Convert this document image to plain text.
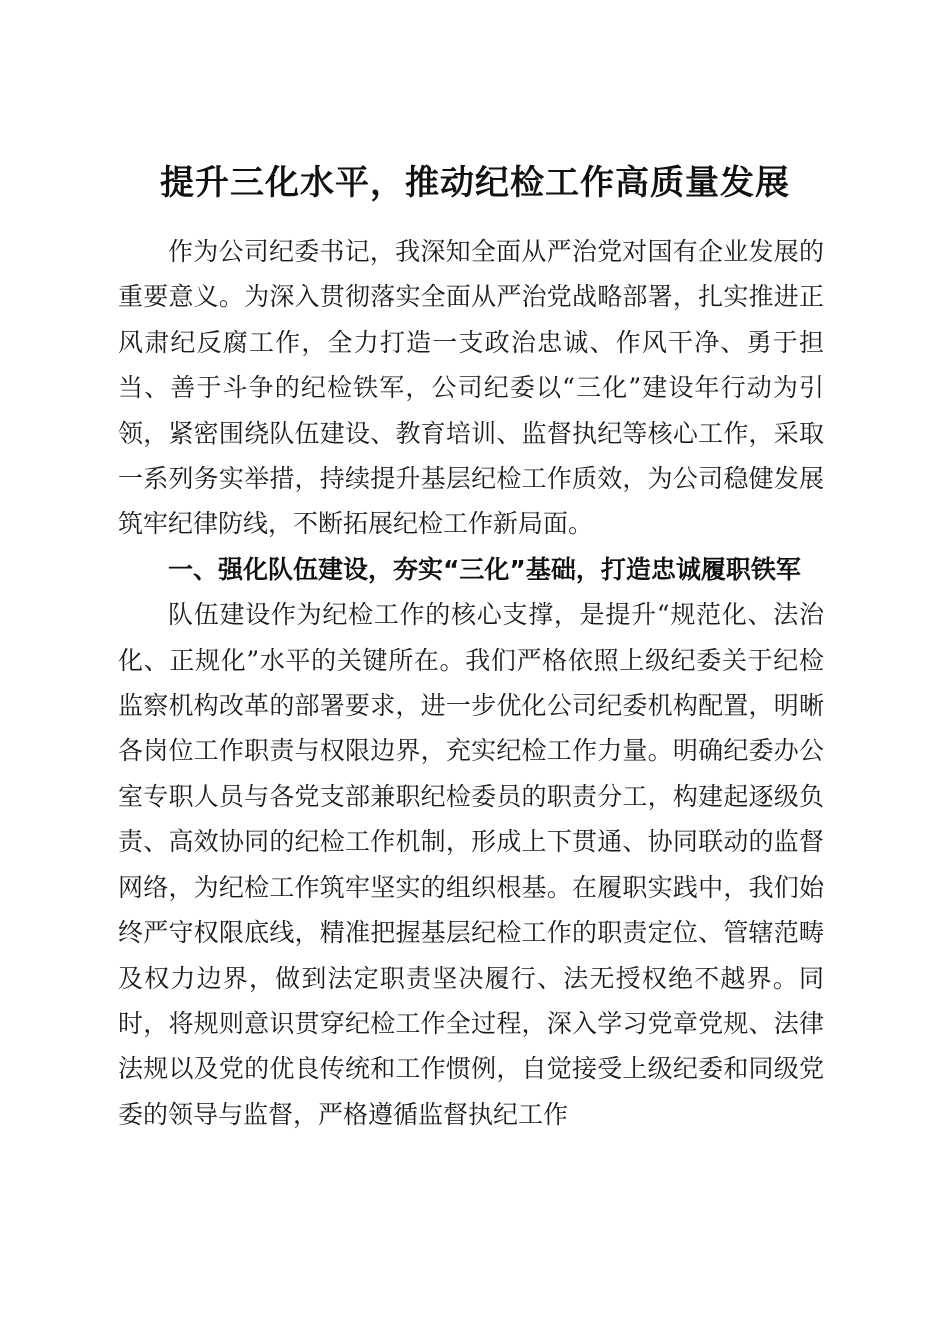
提升三化水平，推动纪检工作高质量发展

作为公司纪委书记，我深知全面从严治党对国有企业发展的重要意义。为深入贯彻落实全面从严治党战略部署，扎实推进正风肃纪反腐工作，全力打造一支政治忠诚、作风干净、勇于担当、善于斗争的纪检铁军，公司纪委以“三化”建设年行动为引领，紧密围绕队伍建设、教育培训、监督执纪等核心工作，采取一系列务实举措，持续提升基层纪检工作质效，为公司稳健发展筑牢纪律防线，不断拓展纪检工作新局面。

一、强化队伍建设，夯实“三化”基础，打造忠诚履职铁军

队伍建设作为纪检工作的核心支撑，是提升“规范化、法治化、正规化”水平的关键所在。我们严格依照上级纪委关于纪检监察机构改革的部署要求，进一步优化公司纪委机构配置，明晰各岗位工作职责与权限边界，充实纪检工作力量。明确纪委办公室专职人员与各党支部兼职纪检委员的职责分工，构建起逐级负责、高效协同的纪检工作机制，形成上下贯通、协同联动的监督网络，为纪检工作筑牢坚实的组织根基。在履职实践中，我们始终严守权限底线，精准把握基层纪检工作的职责定位、管辖范畴及权力边界，做到法定职责坚决履行、法无授权绝不越界。同时，将规则意识贯穿纪检工作全过程，深入学习党章党规、法律法规以及党的优良传统和工作惯例，自觉接受上级纪委和同级党委的领导与监督，严格遵循监督执纪工作
